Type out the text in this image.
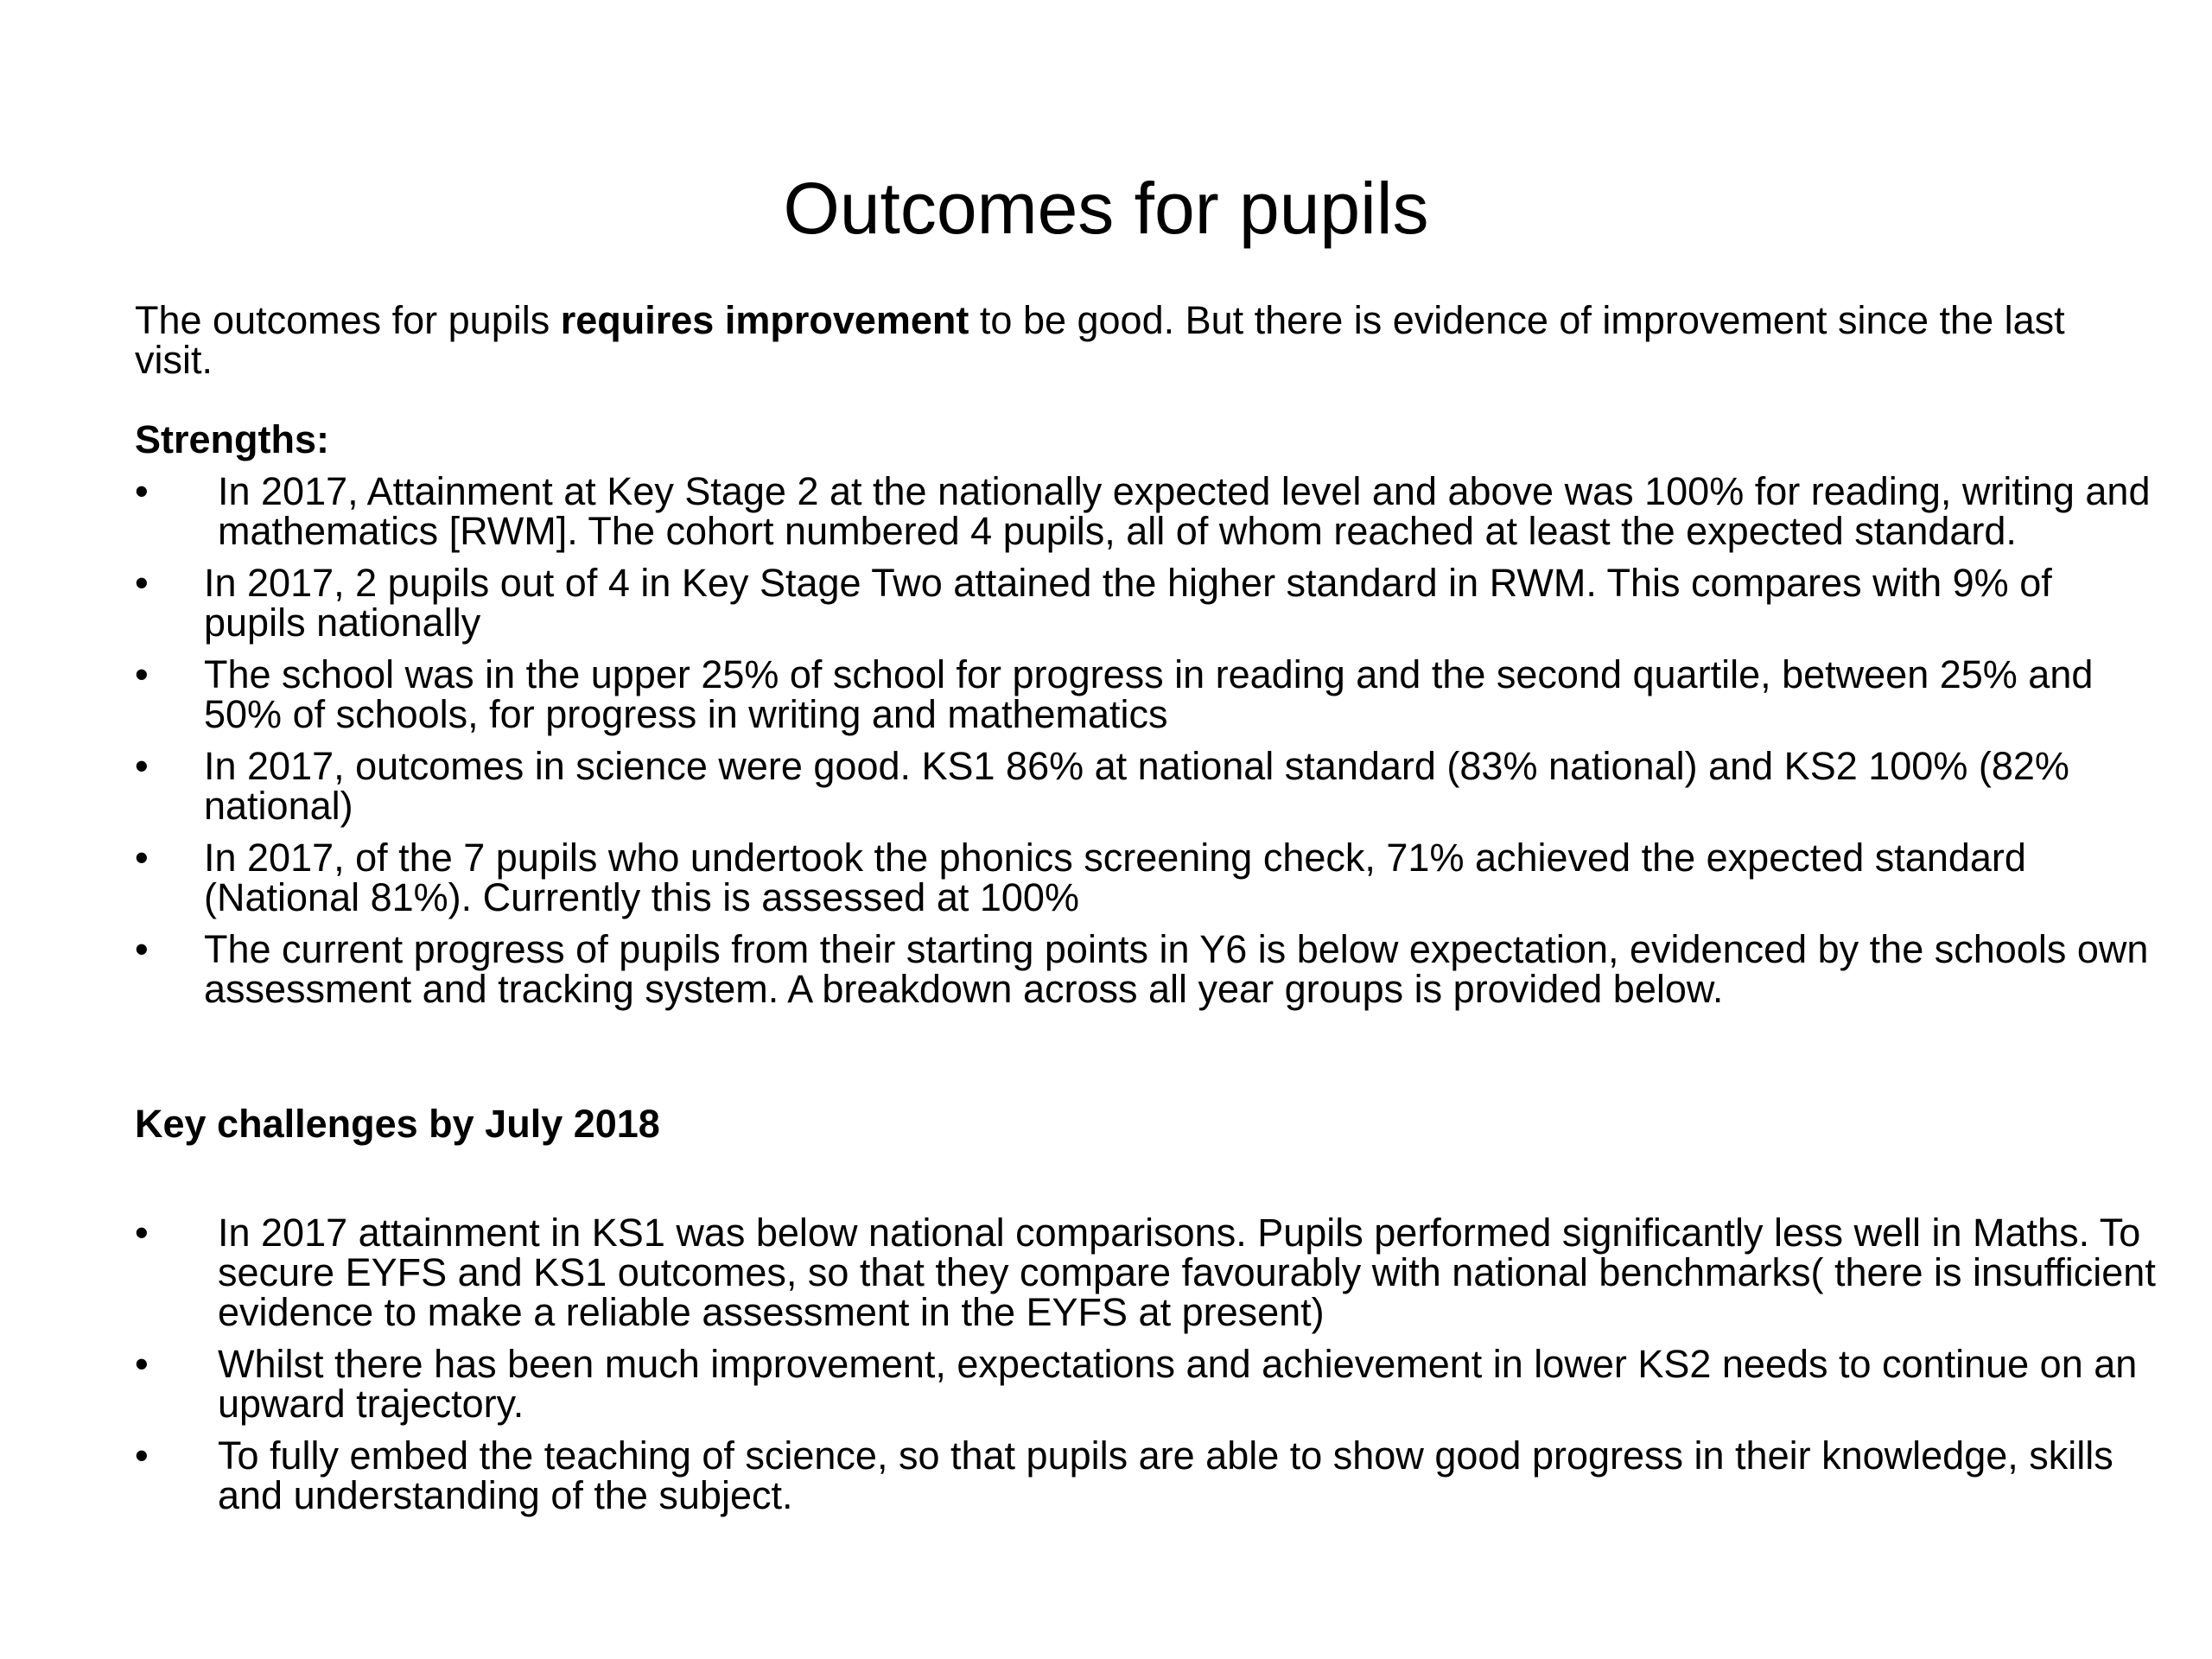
Outcomes for pupils

The outcomes for pupils requires improvement to be good. But there is evidence of improvement since the last visit.

Strengths:

•	In 2017, Attainment at Key Stage 2 at the nationally expected level and above was 100% for reading, writing and mathematics [RWM]. The cohort numbered 4 pupils, all of whom reached at least the expected standard.
•	In 2017, 2 pupils out of 4 in Key Stage Two attained the higher standard in RWM. This compares with 9% of pupils nationally
•	The school was in the upper 25% of school for progress in reading and the second quartile, between 25% and 50% of schools, for progress in writing and mathematics
•	In 2017, outcomes in science were good. KS1 86% at national standard (83% national) and KS2 100% (82% national)
•	In 2017, of the 7 pupils who undertook the phonics screening check, 71% achieved the expected standard (National 81%). Currently this is assessed at 100%
•	The current progress of pupils from their starting points in Y6 is below expectation, evidenced by the schools own assessment and tracking system. A breakdown across all year groups is provided below.

Key challenges by July 2018

•	In 2017 attainment in KS1 was below national comparisons. Pupils performed significantly less well in Maths. To secure EYFS and KS1 outcomes, so that they compare favourably with national benchmarks( there is insufficient evidence to make a reliable assessment in the EYFS at present)
•	Whilst there has been much improvement, expectations and achievement in lower KS2 needs to continue on an upward trajectory.
•	To fully embed the teaching of science, so that pupils are able to show good progress in their knowledge, skills and understanding of the subject.
